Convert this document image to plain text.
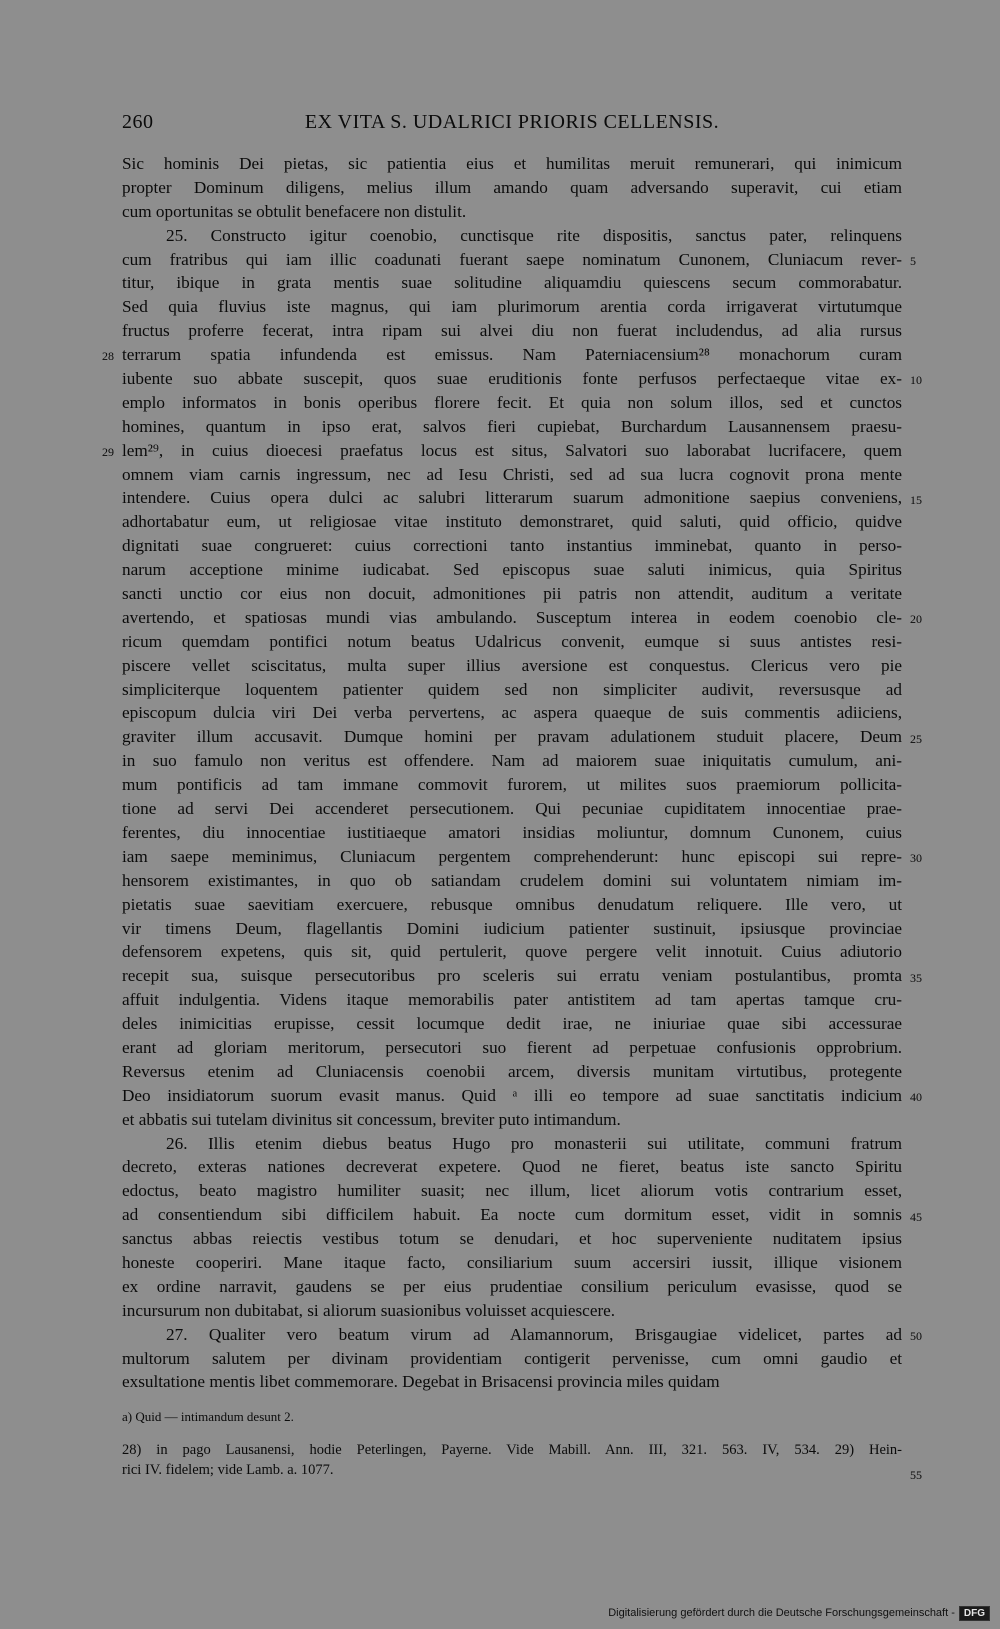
260	EX VITA S. UDALRICI PRIORIS CELLENSIS.
Sic hominis Dei pietas, sic patientia eius et humilitas meruit remunerari, qui inimicum
propter Dominum diligens, melius illum amando quam adversando superavit, cui etiam
cum oportunitas se obtulit benefacere non distulit.
25. Constructo igitur coenobio, cunctisque rite dispositis, sanctus pater, relinquens
cum fratribus qui iam illic coadunati fuerant saepe nominatum Cunonem, Cluniacum rever-
titur, ibique in grata mentis suae solitudine aliquamdiu quiescens secum commorabatur.
Sed quia fluvius iste magnus, qui iam plurimorum arentia corda irrigaverat virtutumque
fructus proferre fecerat, intra ripam sui alvei diu non fuerat includendus, ad alia rursus
terrarum spatia infundenda est emissus. Nam Paterniacensium²⁸ monachorum curam
iubente suo abbate suscepit, quos suae eruditionis fonte perfusos perfectaeque vitae ex-
emplo informatos in bonis operibus florere fecit. Et quia non solum illos, sed et cunctos
homines, quantum in ipso erat, salvos fieri cupiebat, Burchardum Lausannensem praesu-
lem²⁹, in cuius dioecesi praefatus locus est situs, Salvatori suo laborabat lucrifacere, quem
omnem viam carnis ingressum, nec ad Iesu Christi, sed ad sua lucra cognovit prona mente
intendere. Cuius opera dulci ac salubri litterarum suarum admonitione saepius conveniens,
adhortabatur eum, ut religiosae vitae instituto demonstraret, quid saluti, quid officio, quidve
dignitati suae congrueret: cuius correctioni tanto instantius imminebat, quanto in perso-
narum acceptione minime iudicabat. Sed episcopus suae saluti inimicus, quia Spiritus
sancti unctio cor eius non docuit, admonitiones pii patris non attendit, auditum a veritate
avertendo, et spatiosas mundi vias ambulando. Susceptum interea in eodem coenobio cle-
ricum quemdam pontifici notum beatus Udalricus convenit, eumque si suus antistes resi-
piscere vellet sciscitatus, multa super illius aversione est conquestus. Clericus vero pie
simpliciterque loquentem patienter quidem sed non simpliciter audivit, reversusque ad
episcopum dulcia viri Dei verba pervertens, ac aspera quaeque de suis commentis adiiciens,
graviter illum accusavit. Dumque homini per pravam adulationem studuit placere, Deum
in suo famulo non veritus est offendere. Nam ad maiorem suae iniquitatis cumulum, ani-
mum pontificis ad tam immane commovit furorem, ut milites suos praemiorum pollicita-
tione ad servi Dei accenderet persecutionem. Qui pecuniae cupiditatem innocentiae prae-
ferentes, diu innocentiae iustitiaeque amatori insidias moliuntur, domnum Cunonem, cuius
iam saepe meminimus, Cluniacum pergentem comprehenderunt: hunc episcopi sui repre-
hensorem existimantes, in quo ob satiandam crudelem domini sui voluntatem nimiam im-
pietatis suae saevitiam exercuere, rebusque omnibus denudatum reliquere. Ille vero, ut
vir timens Deum, flagellantis Domini iudicium patienter sustinuit, ipsiusque provinciae
defensorem expetens, quis sit, quid pertulerit, quove pergere velit innotuit. Cuius adiutorio
recepit sua, suisque persecutoribus pro sceleris sui erratu veniam postulantibus, promta
affuit indulgentia. Videns itaque memorabilis pater antistitem ad tam apertas tamque cru-
deles inimicitias erupisse, cessit locumque dedit irae, ne iniuriae quae sibi accessurae
erant ad gloriam meritorum, persecutori suo fierent ad perpetuae confusionis opprobrium.
Reversus etenim ad Cluniacensis coenobii arcem, diversis munitam virtutibus, protegente
Deo insidiatorum suorum evasit manus. Quid ᵃ illi eo tempore ad suae sanctitatis indicium
et abbatis sui tutelam divinitus sit concessum, breviter puto intimandum.
26. Illis etenim diebus beatus Hugo pro monasterii sui utilitate, communi fratrum
decreto, exteras nationes decreverat expetere. Quod ne fieret, beatus iste sancto Spiritu
edoctus, beato magistro humiliter suasit; nec illum, licet aliorum votis contrarium esset,
ad consentiendum sibi difficilem habuit. Ea nocte cum dormitum esset, vidit in somnis
sanctus abbas reiectis vestibus totum se denudari, et hoc superveniente nuditatem ipsius
honeste cooperiri. Mane itaque facto, consiliarium suum accersiri iussit, illique visionem
ex ordine narravit, gaudens se per eius prudentiae consilium periculum evasisse, quod se
incursurum non dubitabat, si aliorum suasionibus voluisset acquiescere.
27. Qualiter vero beatum virum ad Alamannorum, Brisgaugiae videlicet, partes ad
multorum salutem per divinam providentiam contigerit pervenisse, cum omni gaudio et
exsultatione mentis libet commemorare. Degebat in Brisacensi provincia miles quidam
5
10
15
20
25
30
35
40
45
50
28
29
a) Quid — intimandum desunt 2.
28) in pago Lausanensi, hodie Peterlingen, Payerne. Vide Mabill. Ann. III, 321. 563. IV, 534. 29) Hein-
rici IV. fidelem; vide Lamb. a. 1077.	55
Digitalisierung gefördert durch die Deutsche Forschungsgemeinschaft - DFG
